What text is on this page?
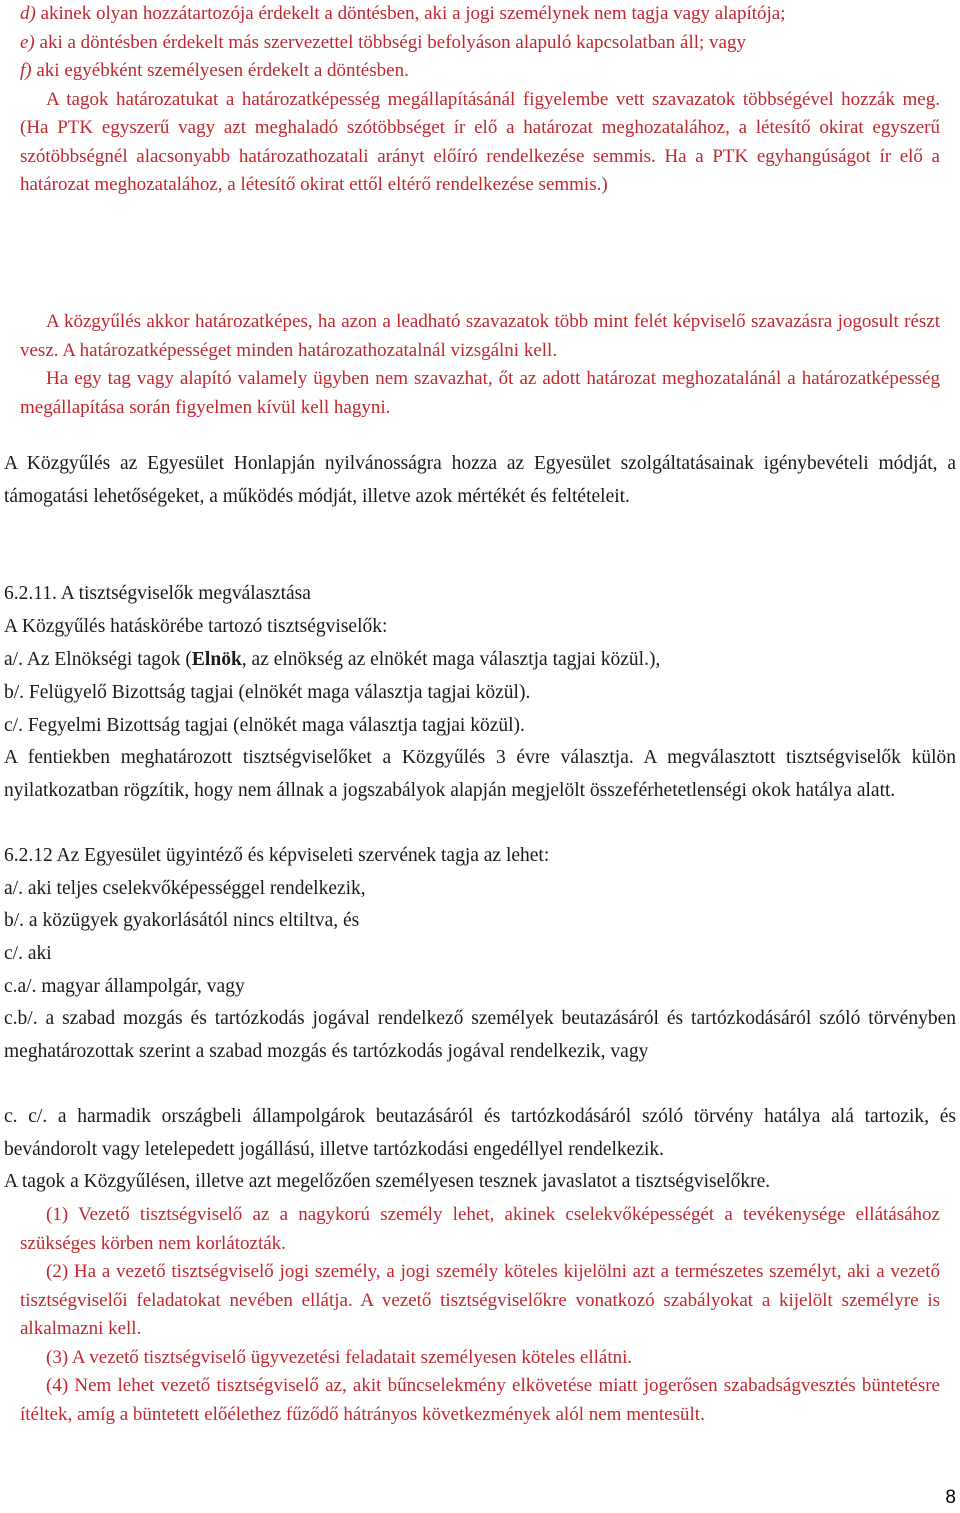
d) akinek olyan hozzátartozója érdekelt a döntésben, aki a jogi személynek nem tagja vagy alapítója;

e) aki a döntésben érdekelt más szervezettel többségi befolyáson alapuló kapcsolatban áll; vagy

f) aki egyébként személyesen érdekelt a döntésben.

A tagok határozatukat a határozatképesség megállapításánál figyelembe vett szavazatok többségével hozzák meg. (Ha PTK egyszerű vagy azt meghaladó szótöbbséget ír elő a határozat meghozatalához, a létesítő okirat egyszerű szótöbbségnél alacsonyabb határozathozatali arányt előíró rendelkezése semmis. Ha a PTK egyhangúságot ír elő a határozat meghozatalához, a létesítő okirat ettől eltérő rendelkezése semmis.)

A közgyűlés akkor határozatképes, ha azon a leadható szavazatok több mint felét képviselő szavazásra jogosult részt vesz. A határozatképességet minden határozathozatalnál vizsgálni kell.

Ha egy tag vagy alapító valamely ügyben nem szavazhat, őt az adott határozat meghozatalánál a határozatképesség megállapítása során figyelmen kívül kell hagyni.

A Közgyűlés az Egyesület Honlapján nyilvánosságra hozza az Egyesület szolgáltatásainak igénybevételi módját, a támogatási lehetőségeket, a működés módját, illetve azok mértékét és feltételeit.

6.2.11. A tisztségviselők megválasztása

A Közgyűlés hatáskörébe tartozó tisztségviselők:

a/. Az Elnökségi tagok (Elnök, az elnökség az elnökét maga választja tagjai közül.),

b/. Felügyelő Bizottság tagjai (elnökét maga választja tagjai közül).

c/. Fegyelmi Bizottság tagjai (elnökét maga választja tagjai közül).

A fentiekben meghatározott tisztségviselőket a Közgyűlés 3 évre választja. A megválasztott tisztségviselők külön nyilatkozatban rögzítik, hogy nem állnak a jogszabályok alapján megjelölt összeférhetetlenségi okok hatálya alatt.

6.2.12 Az Egyesület ügyintéző és képviseleti szervének tagja az lehet:

a/. aki teljes cselekvőképességgel rendelkezik,

b/. a közügyek gyakorlásától nincs eltiltva, és

c/. aki

c.a/. magyar állampolgár, vagy

c.b/. a szabad mozgás és tartózkodás jogával rendelkező személyek beutazásáról és tartózkodásáról szóló törvényben meghatározottak szerint a szabad mozgás és tartózkodás jogával rendelkezik, vagy

c. c/. a harmadik országbeli állampolgárok beutazásáról és tartózkodásáról szóló törvény hatálya alá tartozik, és bevándorolt vagy letelepedett jogállású, illetve tartózkodási engedéllyel rendelkezik.

A tagok a Közgyűlésen, illetve azt megelőzően személyesen tesznek javaslatot a tisztségviselőkre.

(1) Vezető tisztségviselő az a nagykorú személy lehet, akinek cselekvőképességét a tevékenysége ellátásához szükséges körben nem korlátozták.

(2) Ha a vezető tisztségviselő jogi személy, a jogi személy köteles kijelölni azt a természetes személyt, aki a vezető tisztségviselői feladatokat nevében ellátja. A vezető tisztségviselőkre vonatkozó szabályokat a kijelölt személyre is alkalmazni kell.

(3) A vezető tisztségviselő ügyvezetési feladatait személyesen köteles ellátni.

(4) Nem lehet vezető tisztségviselő az, akit bűncselekmény elkövetése miatt jogerősen szabadságvesztés büntetésre ítéltek, amíg a büntetett előélethez fűződő hátrányos következmények alól nem mentesült.

8
